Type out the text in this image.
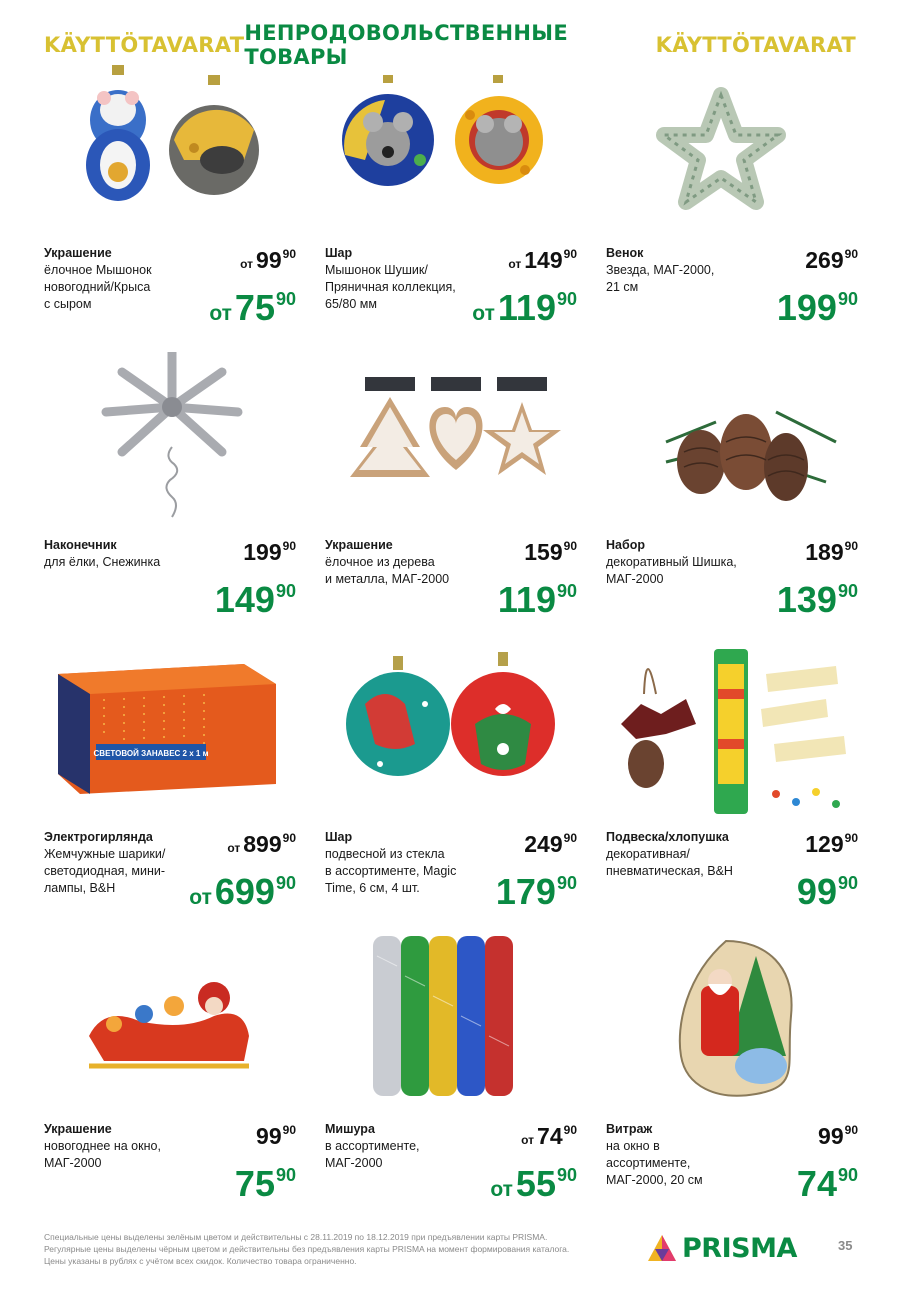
KÄYTTÖTAVARAT НЕПРОДОВОЛЬСТВЕННЫЕ ТОВАРЫ	KÄYTTÖTAVARAT
Украшение
ёлочное Мышонок
новогодний/Крыса
с сыром
от $99^{90}$
$от75^{90}$
Шар
Мышонок Шушик/
Пряничная коллекция,
65/80 мм
от $149^{90}$
$от119^{90}$
Венок
Звезда, МАГ-2000,
21 см
$269^{90}$
$199^{90}$
Наконечник
для ёлки, Снежинка	$199^{90}$
$149^{90}$
Украшение
ёлочное из дерева
и металла, МАГ-2000
$159^{90}$
$119^{90}$
Набор
декоративный Шишка,
МАГ-2000
$189^{90}$
$139^{90}$
СВЕТОВОЙ ЗАНАВЕС 2 x 1 м
Электрогирлянда
Жемчужные шарики/
светодиодная, мини-
лампы, B&H
от $899^{90}$
$от699^{90}$
Шар
подвесной из стекла
в ассортименте, Magic
Time, 6 см, 4 шт.
$249^{90}$
$179^{90}$
Подвеска/хлопушка
декоративная/
пневматическая, B&H
$129^{90}$
$99^{90}$
Украшение
новогоднее на окно,
МАГ-2000
$99^{90}$
$75^{90}$
Мишура
в ассортименте,
МАГ-2000
от $74^{90}$
$от55^{90}$
Витраж
на окно в ассортименте,
МАГ-2000, 20 см
$99^{90}$
$74^{90}$
Специальные цены выделены зелёным цветом и действительны с 28.11.2019 по 18.12.2019 при предъявлении карты PRISMA.
Регулярные цены выделены чёрным цветом и действительны без предъявления карты PRISMA на момент формирования каталога.
Цены указаны в рублях с учётом всех скидок. Количество товара ограниченно.	PRISMA	35
